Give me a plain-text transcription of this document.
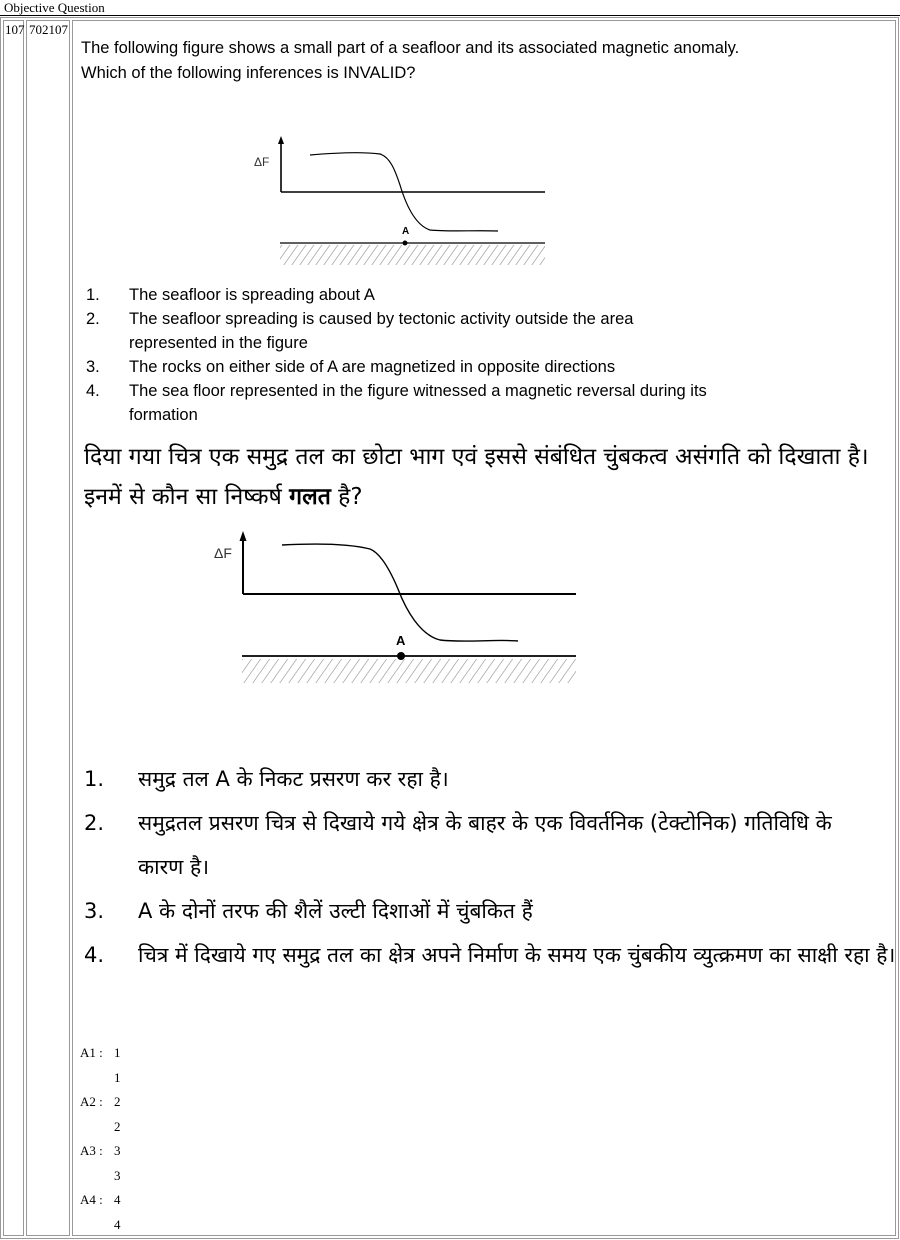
Objective Question
107 702107
The following figure shows a small part of a seafloor and its associated magnetic anomaly. Which of the following inferences is INVALID?
ΔF
A
1. The seafloor is spreading about A
2. The seafloor spreading is caused by tectonic activity outside the area represented in the figure
3. The rocks on either side of A are magnetized in opposite directions
4. The sea floor represented in the figure witnessed a magnetic reversal during its formation
दिया गया चित्र एक समुद्र तल का छोटा भाग एवं इससे संबंधित चुंबकत्व असंगति को दिखाता है। इनमें से कौन सा निष्कर्ष गलत है?
ΔF
A
1. समुद्र तल A के निकट प्रसरण कर रहा है।
2. समुद्रतल प्रसरण चित्र से दिखाये गये क्षेत्र के बाहर के एक विवर्तनिक (टेक्टोनिक) गतिविधि के कारण है।
3. A के दोनों तरफ की शैलें उल्टी दिशाओं में चुंबकित हैं
4. चित्र में दिखाये गए समुद्र तल का क्षेत्र अपने निर्माण के समय एक चुंबकीय व्युत्क्रमण का साक्षी रहा है।
A1 : 1
1
A2 : 2
2
A3 : 3
3
A4 : 4
4
